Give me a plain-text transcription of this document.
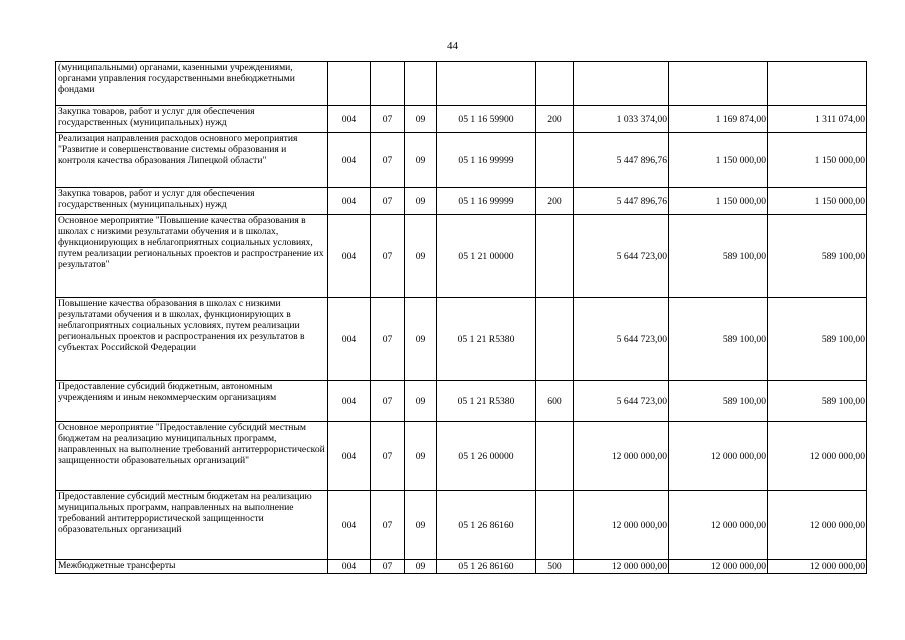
44
(муниципальными) органами, казенными учреждениями, органами управления государственными внебюджетными фондами								
Закупка товаров, работ и услуг для обеспечения государственных (муниципальных) нужд	004	07	09	05 1 16 59900	200	1 033 374,00	1 169 874,00	1 311 074,00
Реализация направления расходов основного мероприятия "Развитие и совершенствование системы образования и контроля качества образования Липецкой области"	004	07	09	05 1 16 99999		5 447 896,76	1 150 000,00	1 150 000,00
Закупка товаров, работ и услуг для обеспечения государственных (муниципальных) нужд	004	07	09	05 1 16 99999	200	5 447 896,76	1 150 000,00	1 150 000,00
Основное мероприятие "Повышение качества образования в школах с низкими результатами обучения и в школах, функционирующих в неблагоприятных социальных условиях, путем реализации региональных проектов и распространение их результатов"	004	07	09	05 1 21 00000		5 644 723,00	589 100,00	589 100,00
Повышение качества образования в школах с низкими результатами обучения и в школах, функционирующих в неблагоприятных социальных условиях, путем реализации региональных проектов и распространения их результатов в субъектах Российской Федерации	004	07	09	05 1 21 R5380		5 644 723,00	589 100,00	589 100,00
Предоставление субсидий бюджетным, автономным учреждениям и иным некоммерческим организациям	004	07	09	05 1 21 R5380	600	5 644 723,00	589 100,00	589 100,00
Основное мероприятие "Предоставление субсидий местным бюджетам на реализацию муниципальных программ, направленных на выполнение требований антитеррористической защищенности образовательных организаций"	004	07	09	05 1 26 00000		12 000 000,00	12 000 000,00	12 000 000,00
Предоставление субсидий местным бюджетам на реализацию муниципальных программ, направленных на выполнение требований антитеррористической защищенности образовательных организаций	004	07	09	05 1 26 86160		12 000 000,00	12 000 000,00	12 000 000,00
Межбюджетные трансферты	004	07	09	05 1 26 86160	500	12 000 000,00	12 000 000,00	12 000 000,00
